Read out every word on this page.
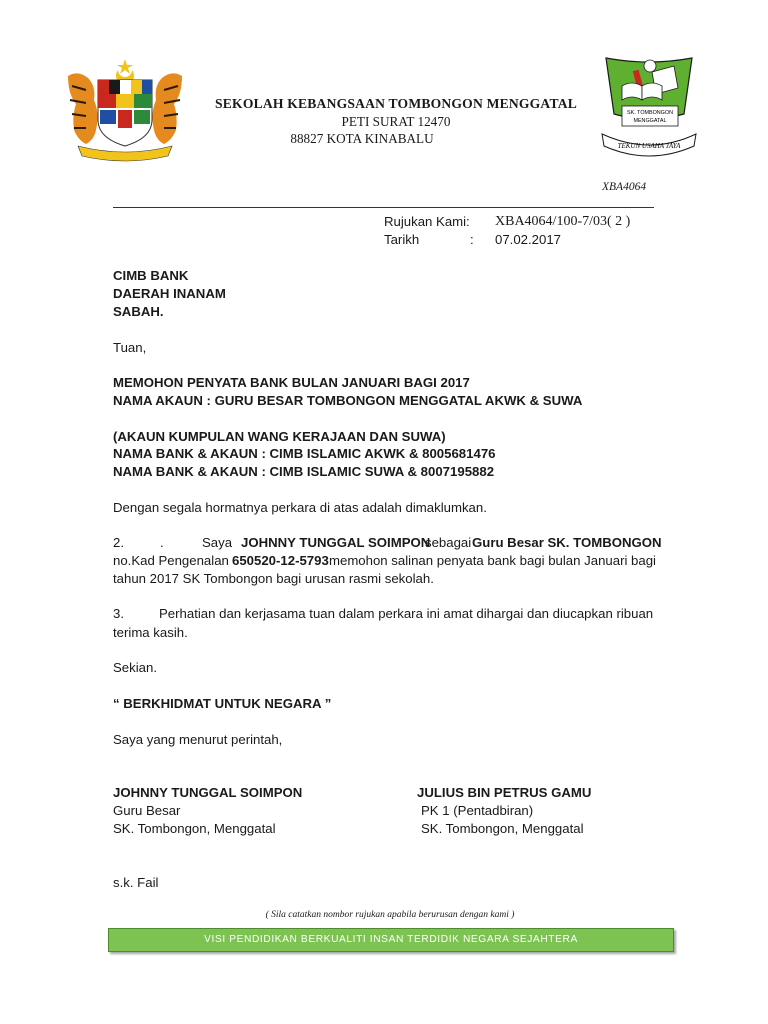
SK. TOMBONGON
MENGGATAL
TEKUN USAHA JAYA
SEKOLAH KEBANGSAAN TOMBONGON MENGGATAL
PETI SURAT 12470
88827 KOTA KINABALU
XBA4064
Rujukan Kami : XBA4064/100-7/03( 2 )
Tarikh	: 07.02.2017
CIMB BANK
DAERAH INANAM
SABAH.
Tuan,
MEMOHON PENYATA BANK BULAN JANUARI BAGI 2017
NAMA AKAUN : GURU BESAR TOMBONGON MENGGATAL AKWK & SUWA
(AKAUN KUMPULAN WANG KERAJAAN DAN SUWA)
NAMA BANK & AKAUN : CIMB ISLAMIC AKWK & 8005681476
NAMA BANK & AKAUN : CIMB ISLAMIC SUWA & 8007195882
Dengan segala hormatnya perkara di atas adalah dimaklumkan.
2.	.	Saya JOHNNY TUNGGAL SOIMPON
sebagai Guru Besar SK. TOMBONGON
no.Kad Pengenalan 650520-12-5793 memohon salinan penyata bank bagi bulan Januari bagi
tahun 2017 SK Tombongon bagi urusan rasmi sekolah.
3.	Perhatian dan kerjasama tuan dalam perkara ini amat dihargai dan diucapkan ribuan
terima kasih.
Sekian.
“ BERKHIDMAT UNTUK NEGARA ”
Saya yang menurut perintah,
JOHNNY TUNGGAL SOIMPON
Guru Besar
SK. Tombongon, Menggatal
JULIUS BIN PETRUS GAMU
PK 1 (Pentadbiran)
SK. Tombongon, Menggatal
s.k. Fail
( Sila catatkan nombor rujukan apabila berurusan dengan kami )
VISI PENDIDIKAN BERKUALITI INSAN TERDIDIK NEGARA SEJAHTERA
